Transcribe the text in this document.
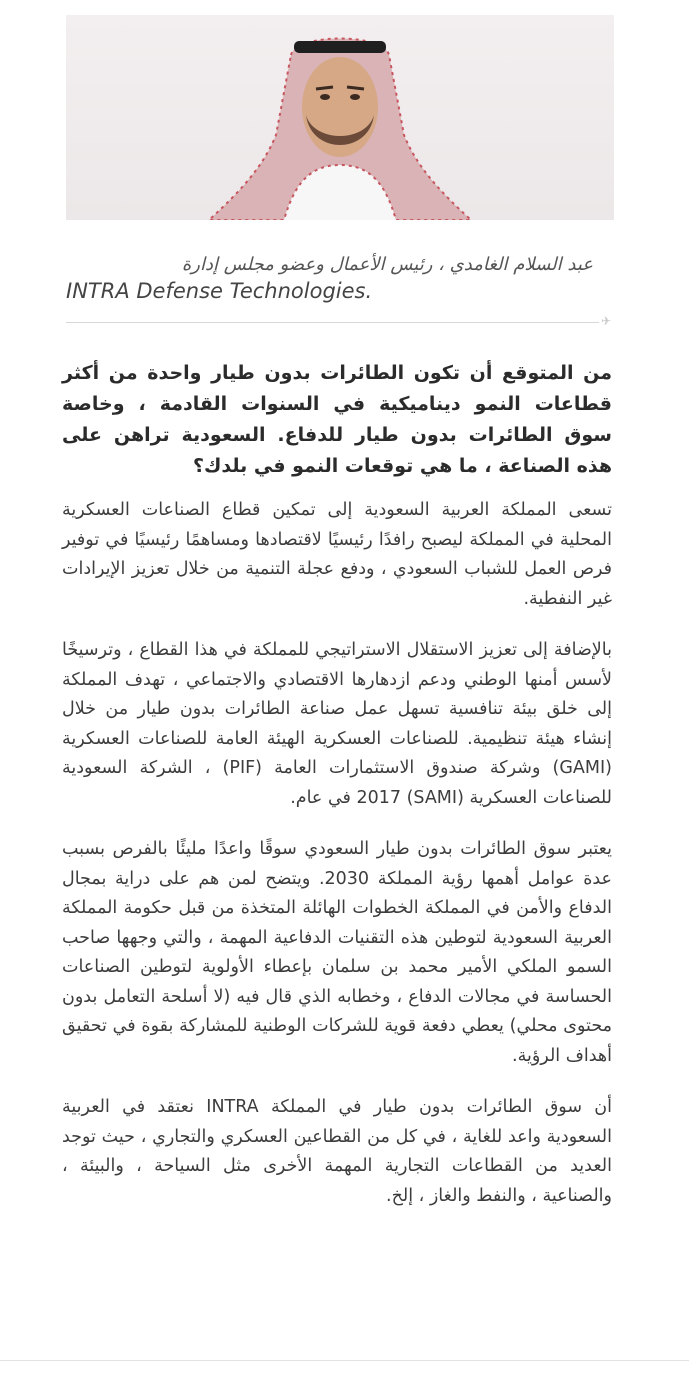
عبد السلام الغامدي ، رئيس الأعمال وعضو مجلس إدارة
INTRA Defense Technologies.
✈

من المتوقع أن تكون الطائرات بدون طيار واحدة من أكثر قطاعات النمو ديناميكية في السنوات القادمة ، وخاصة سوق الطائرات بدون طيار للدفاع. السعودية تراهن على هذه الصناعة ، ما هي توقعات النمو في بلدك؟

تسعى المملكة العربية السعودية إلى تمكين قطاع الصناعات العسكرية المحلية في المملكة ليصبح رافدًا رئيسيًا لاقتصادها ومساهمًا رئيسيًا في توفير فرص العمل للشباب السعودي ، ودفع عجلة التنمية من خلال تعزيز الإيرادات غير النفطية.

بالإضافة إلى تعزيز الاستقلال الاستراتيجي للمملكة في هذا القطاع ، وترسيخًا لأسس أمنها الوطني ودعم ازدهارها الاقتصادي والاجتماعي ، تهدف المملكة إلى خلق بيئة تنافسية تسهل عمل صناعة الطائرات بدون طيار من خلال إنشاء هيئة تنظيمية. للصناعات العسكرية الهيئة العامة للصناعات العسكرية (GAMI) وشركة صندوق الاستثمارات العامة (PIF) ، الشركة السعودية للصناعات العسكرية (SAMI) 2017 في عام.

يعتبر سوق الطائرات بدون طيار السعودي سوقًا واعدًا مليئًا بالفرص بسبب عدة عوامل أهمها رؤية المملكة 2030. ويتضح لمن هم على دراية بمجال الدفاع والأمن في المملكة الخطوات الهائلة المتخذة من قبل حكومة المملكة العربية السعودية لتوطين هذه التقنيات الدفاعية المهمة ، والتي وجهها صاحب السمو الملكي الأمير محمد بن سلمان بإعطاء الأولوية لتوطين الصناعات الحساسة في مجالات الدفاع ، وخطابه الذي قال فيه (لا أسلحة التعامل بدون محتوى محلي) يعطي دفعة قوية للشركات الوطنية للمشاركة بقوة في تحقيق أهداف الرؤية.

أن سوق الطائرات بدون طيار في المملكة INTRA نعتقد في العربية السعودية واعد للغاية ، في كل من القطاعين العسكري والتجاري ، حيث توجد العديد من القطاعات التجارية المهمة الأخرى مثل السياحة ، والبيئة ، والصناعية ، والنفط والغاز ، إلخ.
